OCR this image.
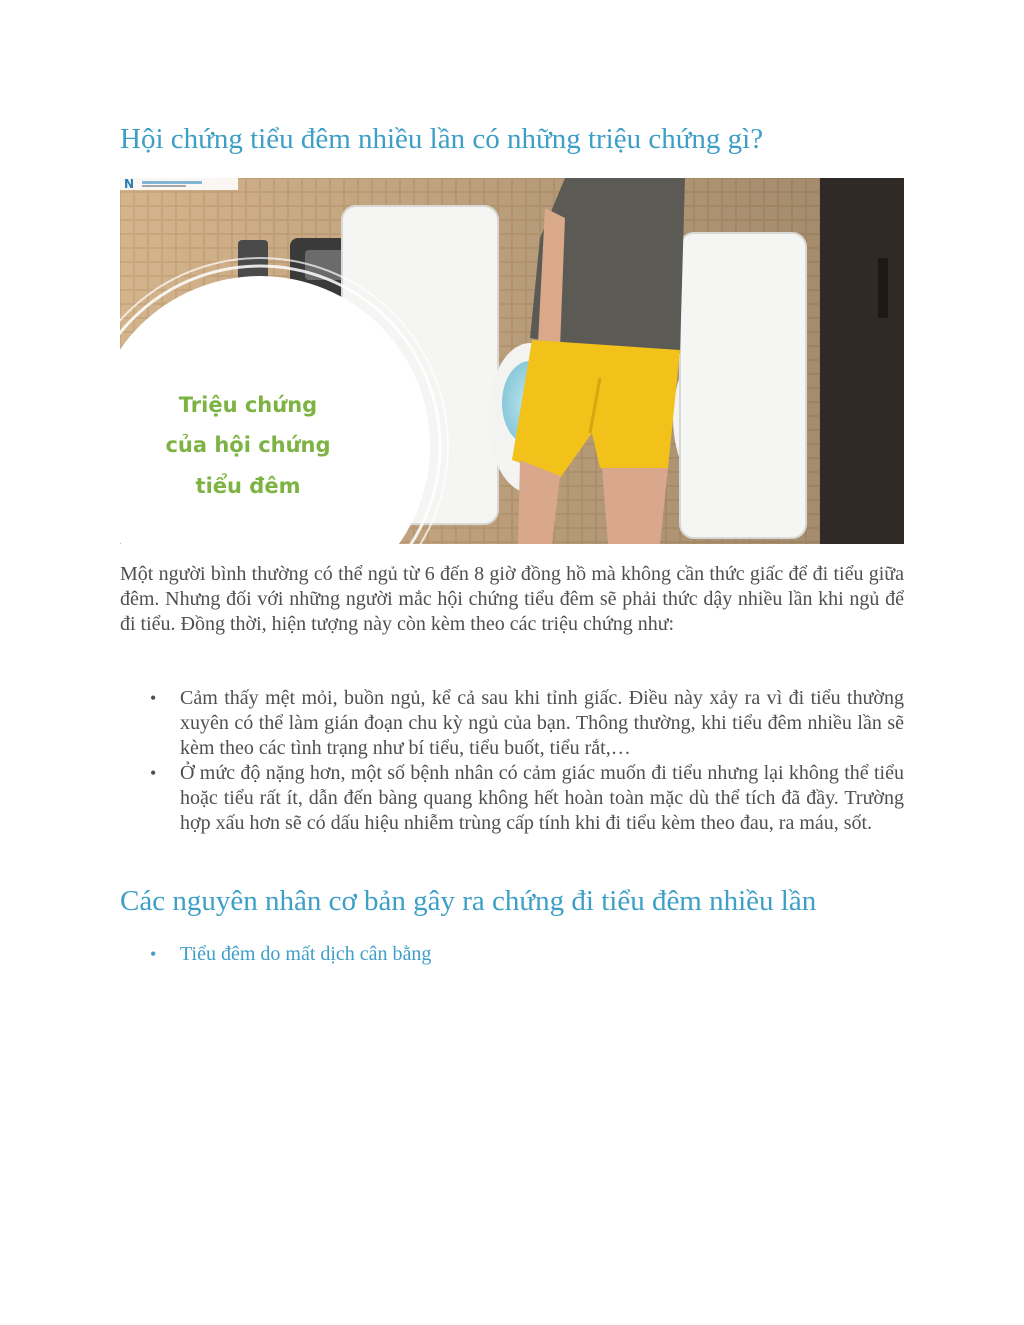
Hội chứng tiểu đêm nhiều lần có những triệu chứng gì?
Triệu chứng
của hội chứng
tiểu đêm
N

Một người bình thường có thể ngủ từ 6 đến 8 giờ đồng hồ mà không cần thức giấc để đi tiểu giữa đêm. Nhưng đối với những người mắc hội chứng tiểu đêm sẽ phải thức dậy nhiều lần khi ngủ để đi tiểu. Đồng thời, hiện tượng này còn kèm theo các triệu chứng như:

• Cảm thấy mệt mỏi, buồn ngủ, kể cả sau khi tỉnh giấc. Điều này xảy ra vì đi tiểu thường xuyên có thể làm gián đoạn chu kỳ ngủ của bạn. Thông thường, khi tiểu đêm nhiều lần sẽ kèm theo các tình trạng như bí tiểu, tiểu buốt, tiểu rắt,…

• Ở mức độ nặng hơn, một số bệnh nhân có cảm giác muốn đi tiểu nhưng lại không thể tiểu hoặc tiểu rất ít, dẫn đến bàng quang không hết hoàn toàn mặc dù thể tích đã đầy. Trường hợp xấu hơn sẽ có dấu hiệu nhiễm trùng cấp tính khi đi tiểu kèm theo đau, ra máu, sốt.

Các nguyên nhân cơ bản gây ra chứng đi tiểu đêm nhiều lần
• Tiểu đêm do mất dịch cân bằng
